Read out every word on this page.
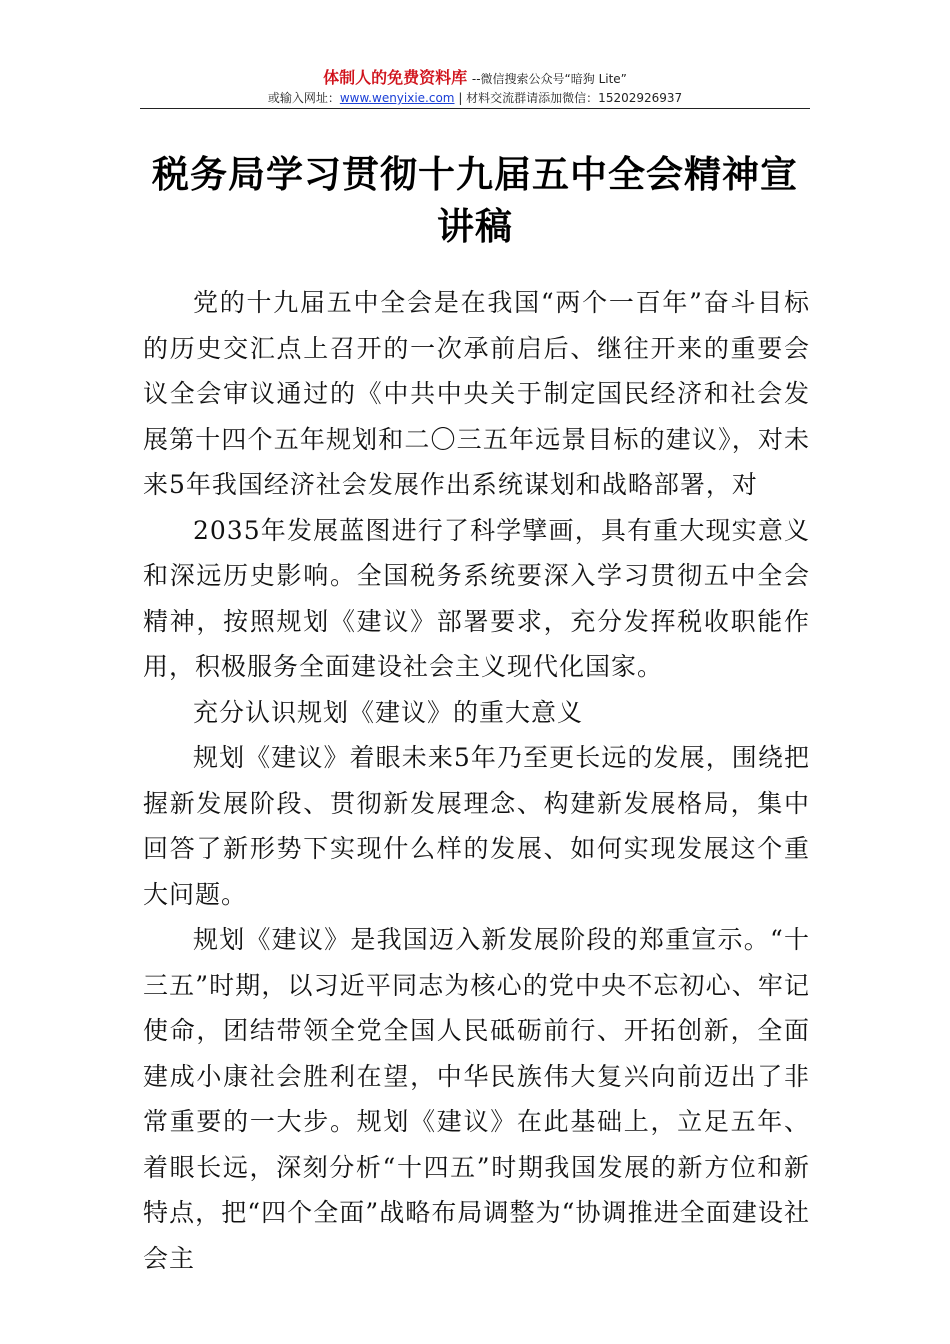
体制人的免费资料库 --微信搜索公众号“暗狗 Lite”
或输入网址：www.wenyixie.com | 材料交流群请添加微信：15202926937
税务局学习贯彻十九届五中全会精神宣讲稿

党的十九届五中全会是在我国“两个一百年”奋斗目标的历史交汇点上召开的一次承前启后、继往开来的重要会议全会审议通过的《中共中央关于制定国民经济和社会发展第十四个五年规划和二〇三五年远景目标的建议》，对未来5年我国经济社会发展作出系统谋划和战略部署，对

2035年发展蓝图进行了科学擘画，具有重大现实意义和深远历史影响。全国税务系统要深入学习贯彻五中全会精神，按照规划《建议》部署要求，充分发挥税收职能作用，积极服务全面建设社会主义现代化国家。

充分认识规划《建议》的重大意义

规划《建议》着眼未来5年乃至更长远的发展，围绕把握新发展阶段、贯彻新发展理念、构建新发展格局，集中回答了新形势下实现什么样的发展、如何实现发展这个重大问题。

规划《建议》是我国迈入新发展阶段的郑重宣示。“十三五”时期，以习近平同志为核心的党中央不忘初心、牢记使命，团结带领全党全国人民砥砺前行、开拓创新，全面建成小康社会胜利在望，中华民族伟大复兴向前迈出了非常重要的一大步。规划《建议》在此基础上，立足五年、着眼长远，深刻分析“十四五”时期我国发展的新方位和新特点，把“四个全面”战略布局调整为“协调推进全面建设社会主
